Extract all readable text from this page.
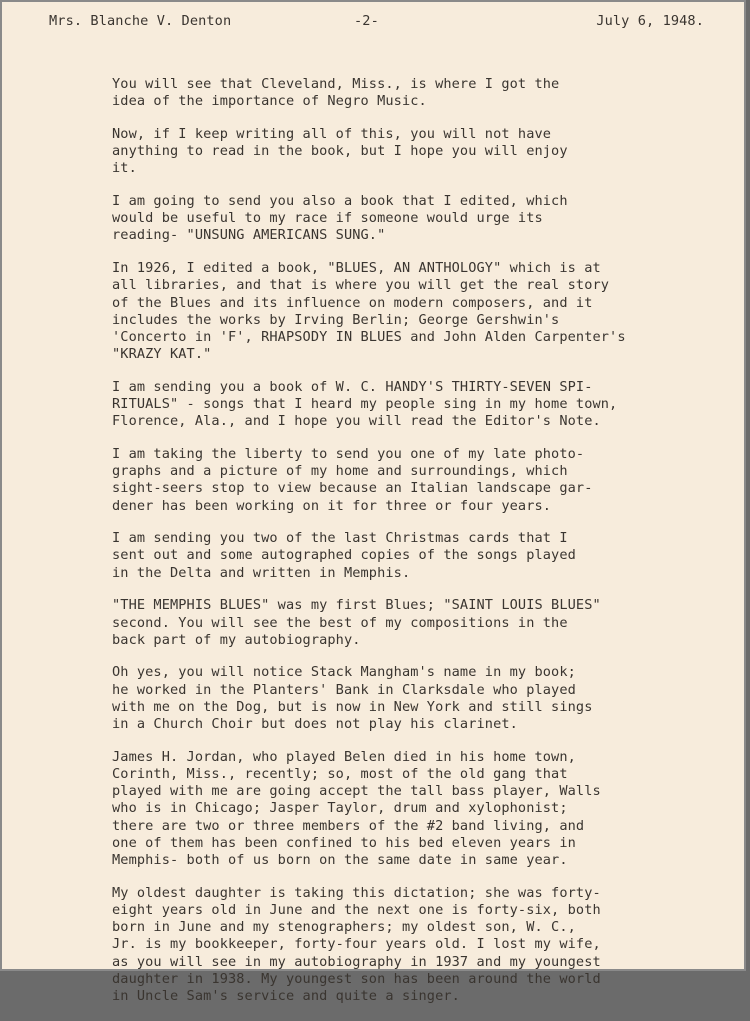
Mrs. Blanche V. Denton

	-2-

	July 6, 1948.

You will see that Cleveland, Miss., is where I got the
idea of the importance of Negro Music.
Now, if I keep writing all of this, you will not have
anything to read in the book, but I hope you will enjoy
it.
I am going to send you also a book that I edited, which
would be useful to my race if someone would urge its
reading- "UNSUNG AMERICANS SUNG."
In 1926, I edited a book, "BLUES, AN ANTHOLOGY" which is at
all libraries, and that is where you will get the real story
of the Blues and its influence on modern composers, and it
includes the works by Irving Berlin; George Gershwin's
'Concerto in 'F', RHAPSODY IN BLUES and John Alden Carpenter's
"KRAZY KAT."
I am sending you a book of W. C. HANDY'S THIRTY-SEVEN SPI-
RITUALS" - songs that I heard my people sing in my home town,
Florence, Ala., and I hope you will read the Editor's Note.
I am taking the liberty to send you one of my late photo-
graphs and a picture of my home and surroundings, which
sight-seers stop to view because an Italian landscape gar-
dener has been working on it for three or four years.
I am sending you two of the last Christmas cards that I
sent out and some autographed copies of the songs played
in the Delta and written in Memphis.
"THE MEMPHIS BLUES" was my first Blues; "SAINT LOUIS BLUES"
second. You will see the best of my compositions in the
back part of my autobiography.
Oh yes, you will notice Stack Mangham's name in my book;
he worked in the Planters' Bank in Clarksdale who played
with me on the Dog, but is now in New York and still sings
in a Church Choir but does not play his clarinet.
James H. Jordan, who played Belen died in his home town,
Corinth, Miss., recently; so, most of the old gang that
played with me are going accept the tall bass player, Walls
who is in Chicago; Jasper Taylor, drum and xylophonist;
there are two or three members of the #2 band living, and
one of them has been confined to his bed eleven years in
Memphis- both of us born on the same date in same year.
My oldest daughter is taking this dictation; she was forty-
eight years old in June and the next one is forty-six, both
born in June and my stenographers; my oldest son, W. C.,
Jr. is my bookkeeper, forty-four years old. I lost my wife,
as you will see in my autobiography in 1937 and my youngest
daughter in 1938. My youngest son has been around the world
in Uncle Sam's service and quite a singer.
